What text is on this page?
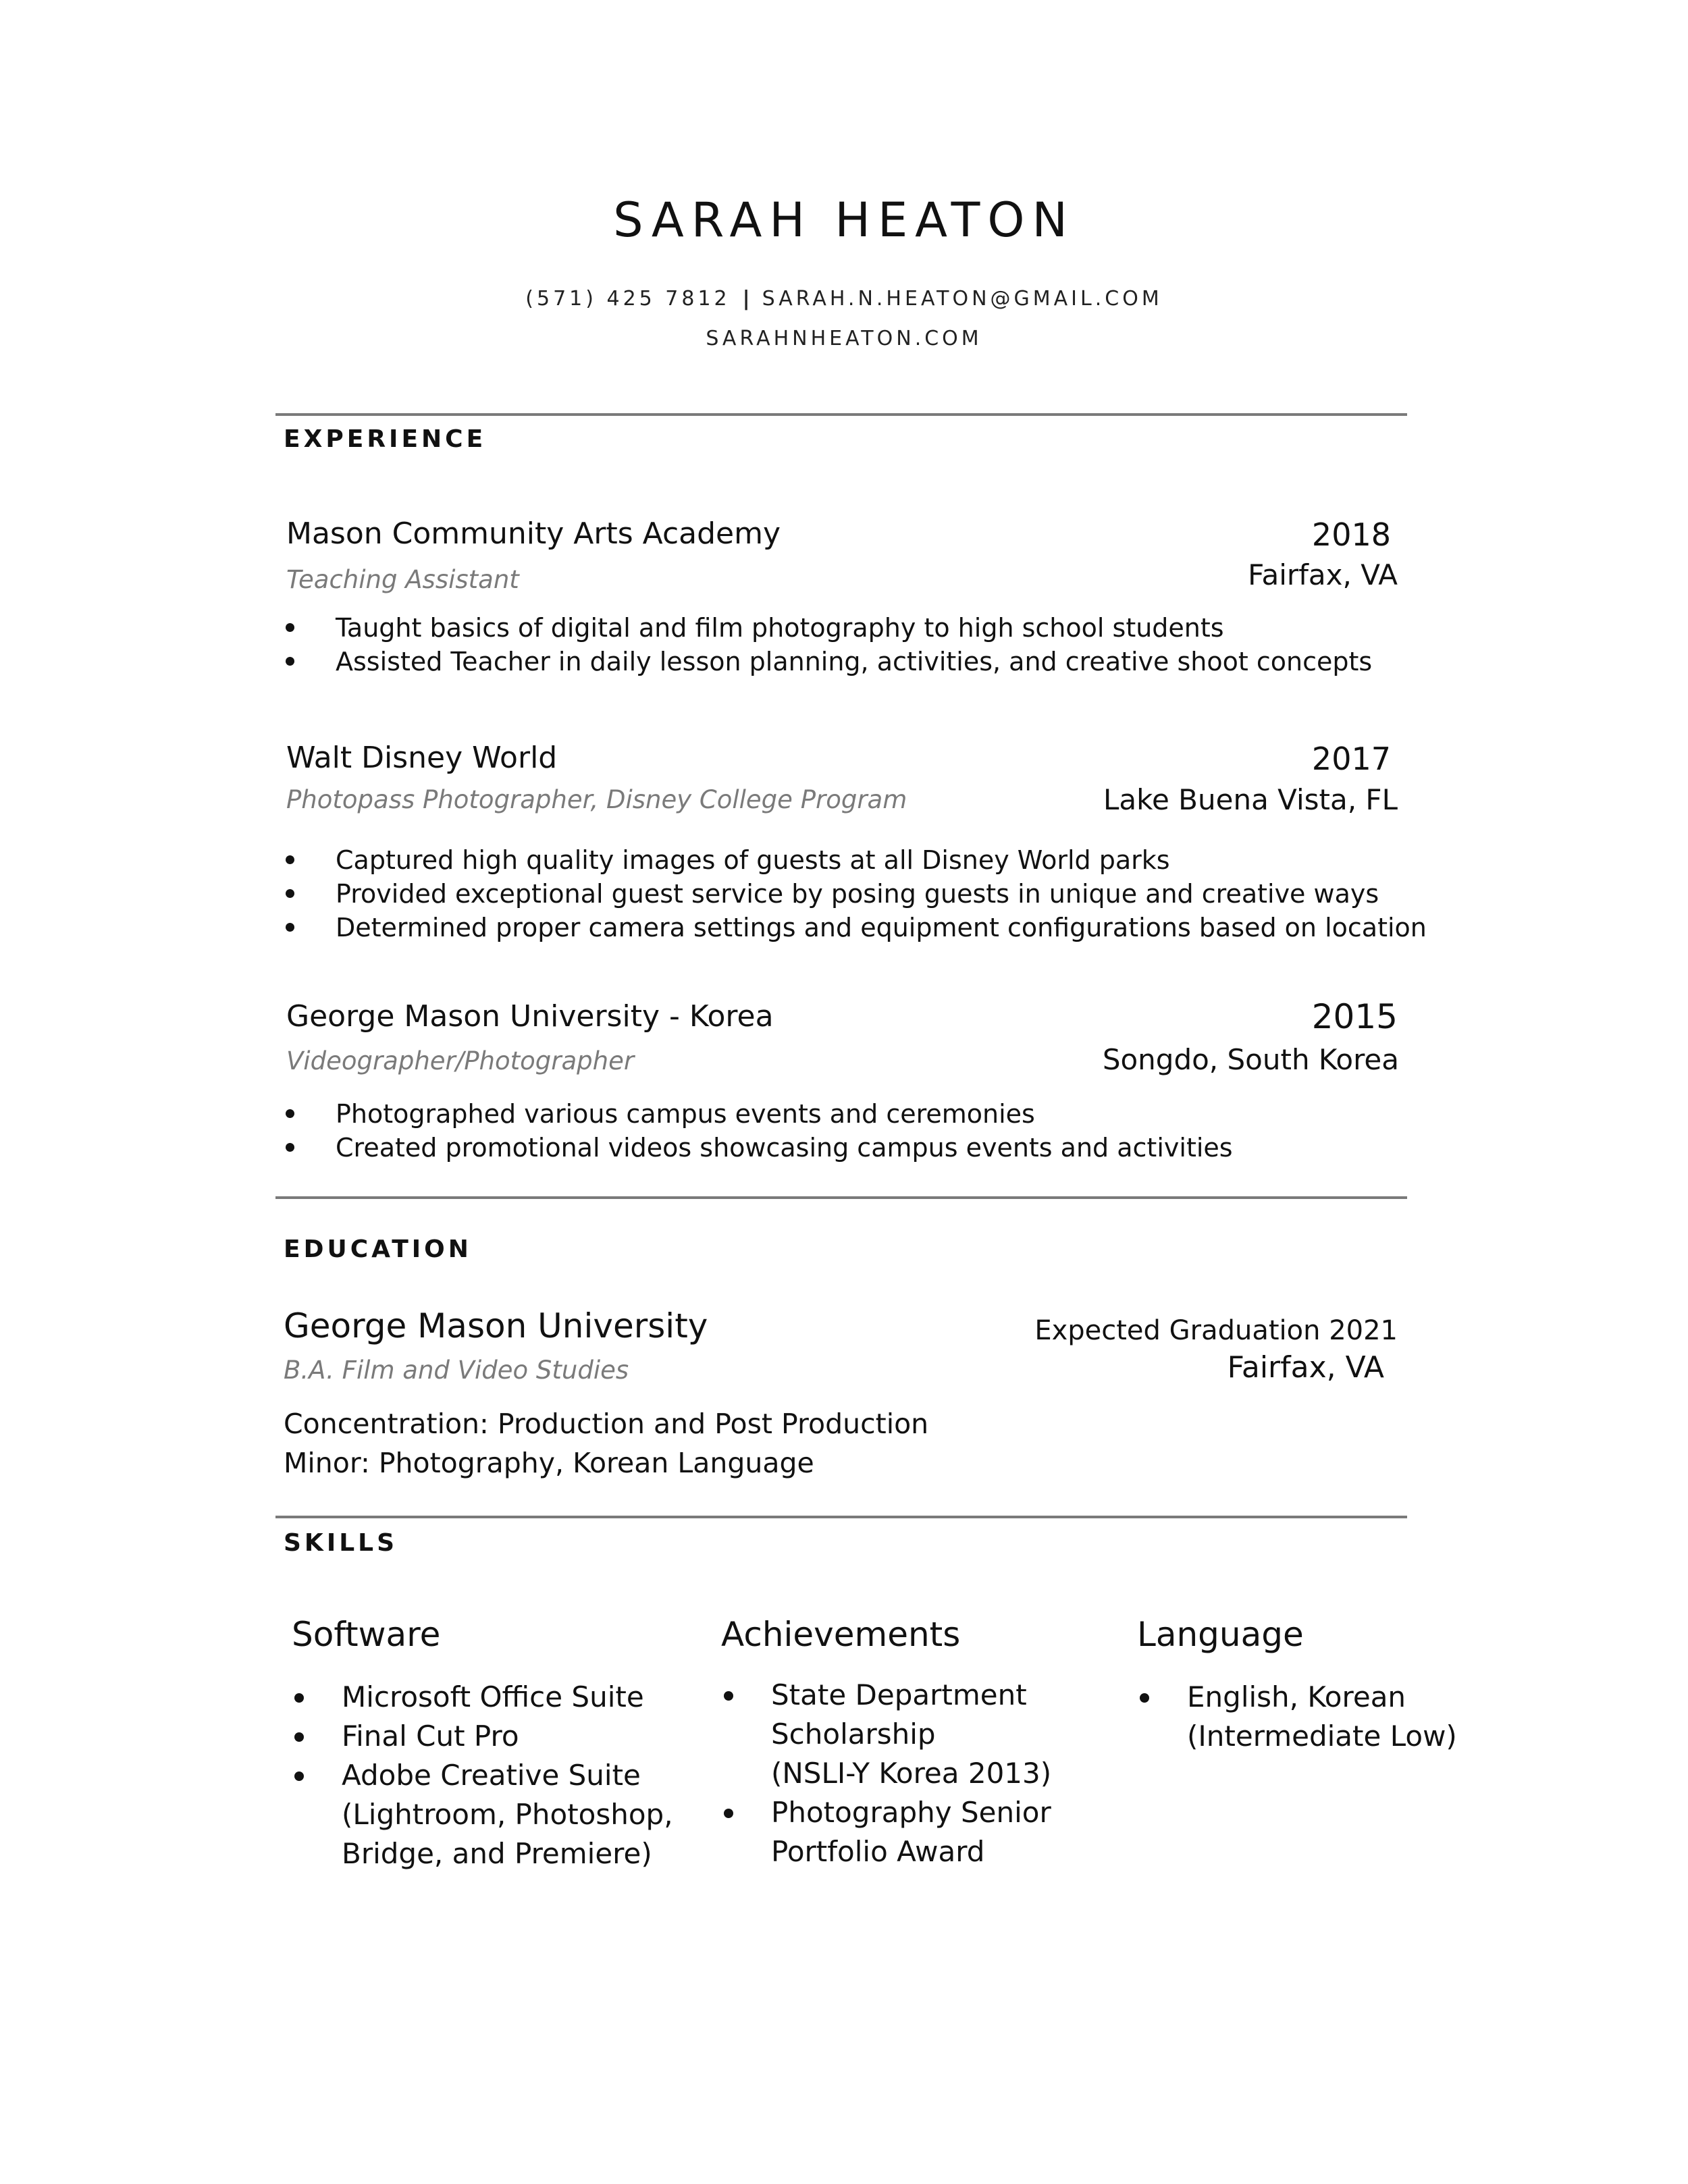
SARAH HEATON
(571) 425 7812 | SARAH.N.HEATON@GMAIL.COM
SARAHNHEATON.COM
EXPERIENCE
Mason Community Arts Academy
Teaching Assistant
2018
Fairfax, VA
Taught basics of digital and film photography to high school students
Assisted Teacher in daily lesson planning, activities, and creative shoot concepts
Walt Disney World
Photopass Photographer, Disney College Program
2017
Lake Buena Vista, FL
Captured high quality images of guests at all Disney World parks
Provided exceptional guest service by posing guests in unique and creative ways
Determined proper camera settings and equipment configurations based on location
George Mason University - Korea
Videographer/Photographer
2015
Songdo, South Korea
Photographed various campus events and ceremonies
Created promotional videos showcasing campus events and activities
EDUCATION
George Mason University
B.A. Film and Video Studies
Expected Graduation 2021
Fairfax, VA
Concentration: Production and Post Production
Minor: Photography, Korean Language
SKILLS
Software
Microsoft Office Suite
Final Cut Pro
Adobe Creative Suite
(Lightroom, Photoshop,
Bridge, and Premiere)
Achievements
State Department
Scholarship
(NSLI-Y Korea 2013)
Photography Senior
Portfolio Award
Language
English, Korean
(Intermediate Low)
